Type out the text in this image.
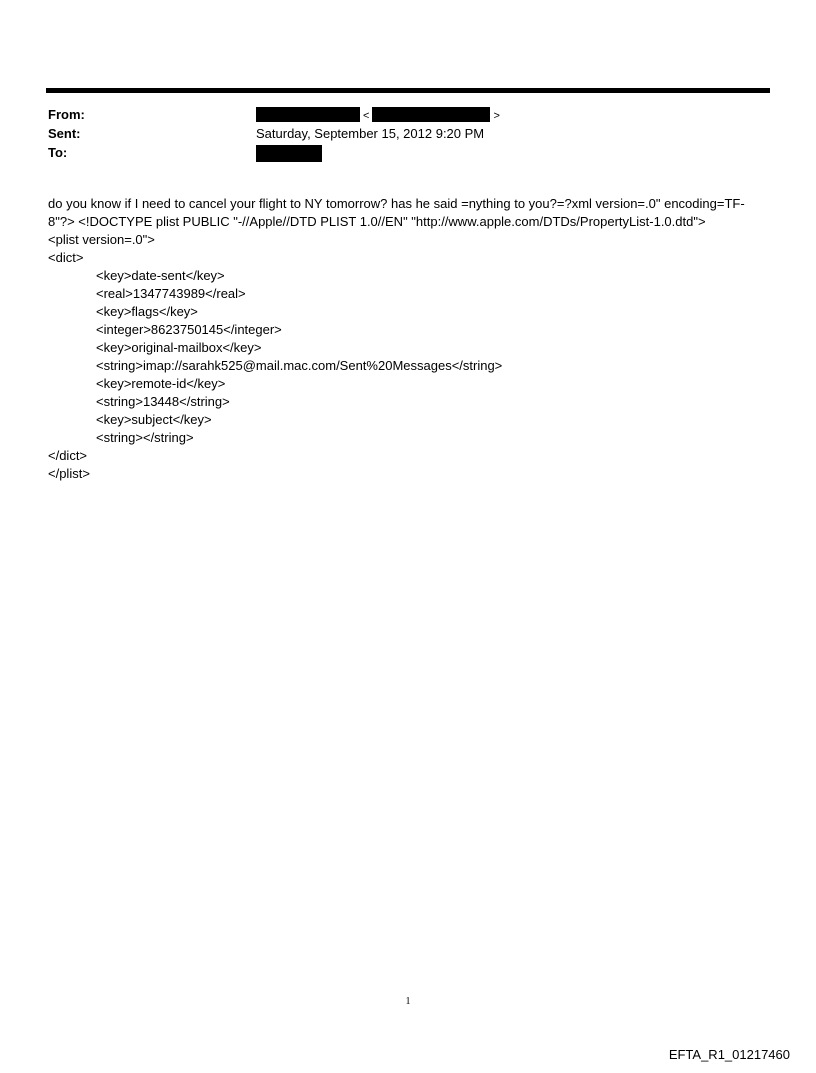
From:	<	>
Sent:	Saturday, September 15, 2012 9:20 PM
To:

do you know if I need to cancel your flight to NY tomorrow? has he said =nything to you?=?xml version=.0" encoding=TF-

8"?> <!DOCTYPE plist PUBLIC "-//Apple//DTD PLIST 1.0//EN" "http://www.apple.com/DTDs/PropertyList-1.0.dtd">

<plist version=.0">

<dict>

<key>date-sent</key>

<real>1347743989</real>

<key>flags</key>

<integer>8623750145</integer>

<key>original-mailbox</key>

<string>imap://sarahk525@mail.mac.com/Sent%20Messages</string>

<key>remote-id</key>

<string>13448</string>

<key>subject</key>

<string></string>

</dict>

</plist>

1
EFTA_R1_01217460
